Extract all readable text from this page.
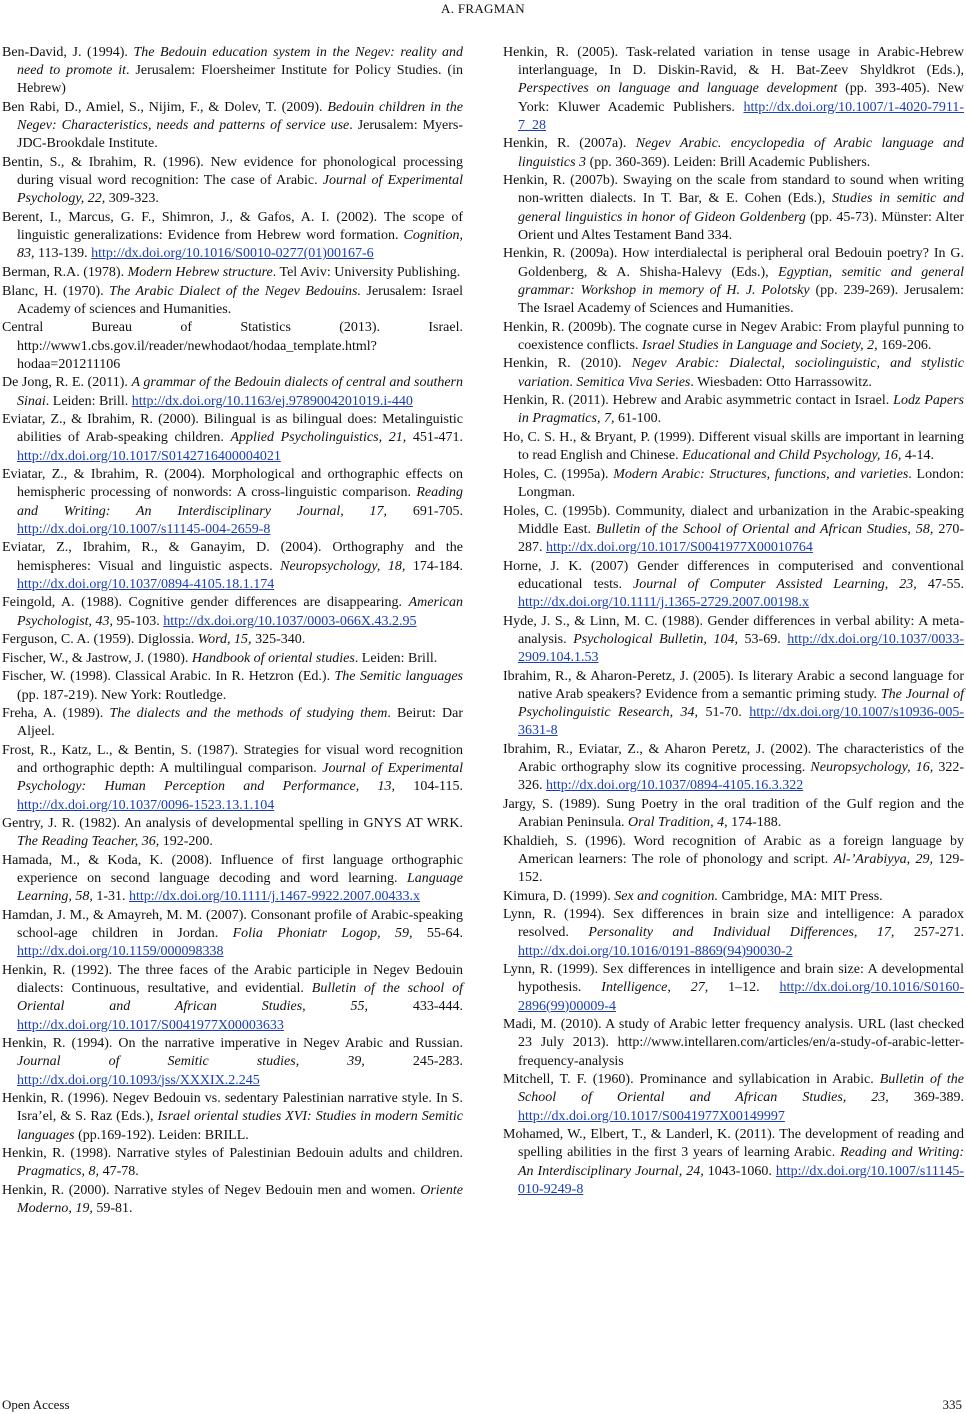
A. FRAGMAN
Ben-David, J. (1994). The Bedouin education system in the Negev: reality and need to promote it. Jerusalem: Floersheimer Institute for Policy Studies. (in Hebrew)
Ben Rabi, D., Amiel, S., Nijim, F., & Dolev, T. (2009). Bedouin children in the Negev: Characteristics, needs and patterns of service use. Jerusalem: Myers-JDC-Brookdale Institute.
Bentin, S., & Ibrahim, R. (1996). New evidence for phonological processing during visual word recognition: The case of Arabic. Journal of Experimental Psychology, 22, 309-323.
Berent, I., Marcus, G. F., Shimron, J., & Gafos, A. I. (2002). The scope of linguistic generalizations: Evidence from Hebrew word formation. Cognition, 83, 113-139. http://dx.doi.org/10.1016/S0010-0277(01)00167-6
Berman, R.A. (1978). Modern Hebrew structure. Tel Aviv: University Publishing.
Blanc, H. (1970). The Arabic Dialect of the Negev Bedouins. Jerusalem: Israel Academy of sciences and Humanities.
Central Bureau of Statistics (2013). Israel. http://www1.cbs.gov.il/reader/newhodaot/hodaa_template.html?hodaa=201211106
De Jong, R. E. (2011). A grammar of the Bedouin dialects of central and southern Sinai. Leiden: Brill. http://dx.doi.org/10.1163/ej.9789004201019.i-440
Eviatar, Z., & Ibrahim, R. (2000). Bilingual is as bilingual does: Metalinguistic abilities of Arab-speaking children. Applied Psycholinguistics, 21, 451-471. http://dx.doi.org/10.1017/S0142716400004021
Eviatar, Z., & Ibrahim, R. (2004). Morphological and orthographic effects on hemispheric processing of nonwords: A cross-linguistic comparison. Reading and Writing: An Interdisciplinary Journal, 17, 691-705. http://dx.doi.org/10.1007/s11145-004-2659-8
Eviatar, Z., Ibrahim, R., & Ganayim, D. (2004). Orthography and the hemispheres: Visual and linguistic aspects. Neuropsychology, 18, 174-184. http://dx.doi.org/10.1037/0894-4105.18.1.174
Feingold, A. (1988). Cognitive gender differences are disappearing. American Psychologist, 43, 95-103. http://dx.doi.org/10.1037/0003-066X.43.2.95
Ferguson, C. A. (1959). Diglossia. Word, 15, 325-340.
Fischer, W., & Jastrow, J. (1980). Handbook of oriental studies. Leiden: Brill.
Fischer, W. (1998). Classical Arabic. In R. Hetzron (Ed.). The Semitic languages (pp. 187-219). New York: Routledge.
Freha, A. (1989). The dialects and the methods of studying them. Beirut: Dar Aljeel.
Frost, R., Katz, L., & Bentin, S. (1987). Strategies for visual word recognition and orthographic depth: A multilingual comparison. Journal of Experimental Psychology: Human Perception and Performance, 13, 104-115. http://dx.doi.org/10.1037/0096-1523.13.1.104
Gentry, J. R. (1982). An analysis of developmental spelling in GNYS AT WRK. The Reading Teacher, 36, 192-200.
Hamada, M., & Koda, K. (2008). Influence of first language orthographic experience on second language decoding and word learning. Language Learning, 58, 1-31. http://dx.doi.org/10.1111/j.1467-9922.2007.00433.x
Hamdan, J. M., & Amayreh, M. M. (2007). Consonant profile of Arabic-speaking school-age children in Jordan. Folia Phoniatr Logop, 59, 55-64. http://dx.doi.org/10.1159/000098338
Henkin, R. (1992). The three faces of the Arabic participle in Negev Bedouin dialects: Continuous, resultative, and evidential. Bulletin of the school of Oriental and African Studies, 55, 433-444. http://dx.doi.org/10.1017/S0041977X00003633
Henkin, R. (1994). On the narrative imperative in Negev Arabic and Russian. Journal of Semitic studies, 39, 245-283. http://dx.doi.org/10.1093/jss/XXXIX.2.245
Henkin, R. (1996). Negev Bedouin vs. sedentary Palestinian narrative style. In S. Isra’el, & S. Raz (Eds.), Israel oriental studies XVI: Studies in modern Semitic languages (pp.169-192). Leiden: BRILL.
Henkin, R. (1998). Narrative styles of Palestinian Bedouin adults and children. Pragmatics, 8, 47-78.
Henkin, R. (2000). Narrative styles of Negev Bedouin men and women. Oriente Moderno, 19, 59-81.
Henkin, R. (2005). Task-related variation in tense usage in Arabic-Hebrew interlanguage, In D. Diskin-Ravid, & H. Bat-Zeev Shyldkrot (Eds.), Perspectives on language and language development (pp. 393-405). New York: Kluwer Academic Publishers. http://dx.doi.org/10.1007/1-4020-7911-7_28
Henkin, R. (2007a). Negev Arabic. encyclopedia of Arabic language and linguistics 3 (pp. 360-369). Leiden: Brill Academic Publishers.
Henkin, R. (2007b). Swaying on the scale from standard to sound when writing non-written dialects. In T. Bar, & E. Cohen (Eds.), Studies in semitic and general linguistics in honor of Gideon Goldenberg (pp. 45-73). Münster: Alter Orient und Altes Testament Band 334.
Henkin, R. (2009a). How interdialectal is peripheral oral Bedouin poetry? In G. Goldenberg, & A. Shisha-Halevy (Eds.), Egyptian, semitic and general grammar: Workshop in memory of H. J. Polotsky (pp. 239-269). Jerusalem: The Israel Academy of Sciences and Humanities.
Henkin, R. (2009b). The cognate curse in Negev Arabic: From playful punning to coexistence conflicts. Israel Studies in Language and Society, 2, 169-206.
Henkin, R. (2010). Negev Arabic: Dialectal, sociolinguistic, and stylistic variation. Semitica Viva Series. Wiesbaden: Otto Harrassowitz.
Henkin, R. (2011). Hebrew and Arabic asymmetric contact in Israel. Lodz Papers in Pragmatics, 7, 61-100.
Ho, C. S. H., & Bryant, P. (1999). Different visual skills are important in learning to read English and Chinese. Educational and Child Psychology, 16, 4-14.
Holes, C. (1995a). Modern Arabic: Structures, functions, and varieties. London: Longman.
Holes, C. (1995b). Community, dialect and urbanization in the Arabic-speaking Middle East. Bulletin of the School of Oriental and African Studies, 58, 270-287. http://dx.doi.org/10.1017/S0041977X00010764
Horne, J. K. (2007) Gender differences in computerised and conventional educational tests. Journal of Computer Assisted Learning, 23, 47-55. http://dx.doi.org/10.1111/j.1365-2729.2007.00198.x
Hyde, J. S., & Linn, M. C. (1988). Gender differences in verbal ability: A meta-analysis. Psychological Bulletin, 104, 53-69. http://dx.doi.org/10.1037/0033-2909.104.1.53
Ibrahim, R., & Aharon-Peretz, J. (2005). Is literary Arabic a second language for native Arab speakers? Evidence from a semantic priming study. The Journal of Psycholinguistic Research, 34, 51-70. http://dx.doi.org/10.1007/s10936-005-3631-8
Ibrahim, R., Eviatar, Z., & Aharon Peretz, J. (2002). The characteristics of the Arabic orthography slow its cognitive processing. Neuropsychology, 16, 322-326. http://dx.doi.org/10.1037/0894-4105.16.3.322
Jargy, S. (1989). Sung Poetry in the oral tradition of the Gulf region and the Arabian Peninsula. Oral Tradition, 4, 174-188.
Khaldieh, S. (1996). Word recognition of Arabic as a foreign language by American learners: The role of phonology and script. Al-’Arabiyya, 29, 129-152.
Kimura, D. (1999). Sex and cognition. Cambridge, MA: MIT Press.
Lynn, R. (1994). Sex differences in brain size and intelligence: A paradox resolved. Personality and Individual Differences, 17, 257-271. http://dx.doi.org/10.1016/0191-8869(94)90030-2
Lynn, R. (1999). Sex differences in intelligence and brain size: A developmental hypothesis. Intelligence, 27, 1–12. http://dx.doi.org/10.1016/S0160-2896(99)00009-4
Madi, M. (2010). A study of Arabic letter frequency analysis. URL (last checked 23 July 2013). http://www.intellaren.com/articles/en/a-study-of-arabic-letter-frequency-analysis
Mitchell, T. F. (1960). Prominance and syllabication in Arabic. Bulletin of the School of Oriental and African Studies, 23, 369-389. http://dx.doi.org/10.1017/S0041977X00149997
Mohamed, W., Elbert, T., & Landerl, K. (2011). The development of reading and spelling abilities in the first 3 years of learning Arabic. Reading and Writing: An Interdisciplinary Journal, 24, 1043-1060. http://dx.doi.org/10.1007/s11145-010-9249-8
Open Access	335
